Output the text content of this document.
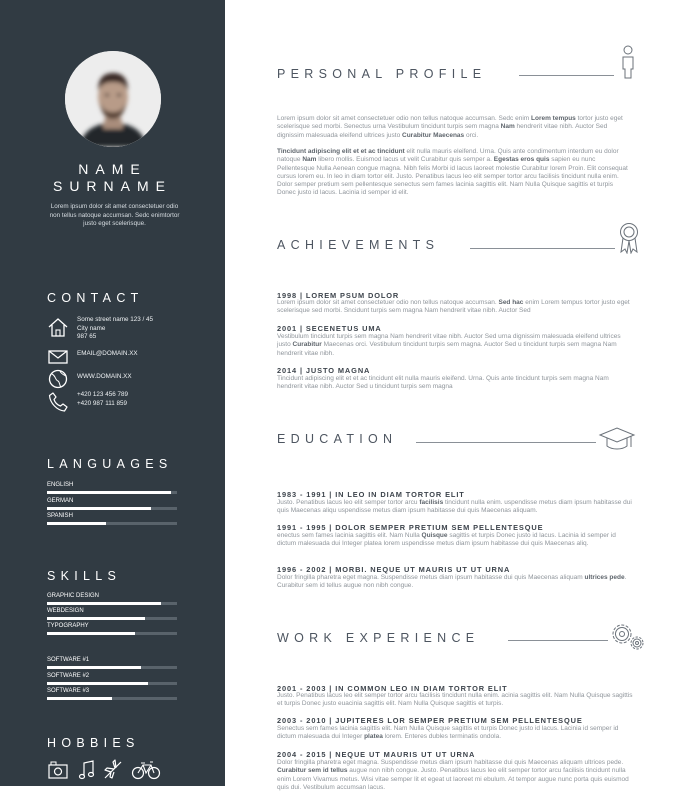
NAME
SURNAME
Lorem ipsum dolor sit amet consectetuer odio non tellus natoque accumsan. Sedc enimtortor justo eget scelerisque.
CONTACT
Some street name 123 / 45
City name
987 65
EMAIL@DOMAIN.XX
WWW.DOMAIN.XX
+420 123 456 789
+420 987 111 859
LANGUAGES
ENGLISH
GERMAN
SPANISH
SKILLS
GRAPHIC DESIGN
WEBDESIGN
TYPOGRAPHY
SOFTWARE #1
SOFTWARE #2
SOFTWARE #3
HOBBIES
PERSONAL PROFILE

Lorem ipsum dolor sit amet consectetuer odio non tellus natoque accumsan. Sedc enim Lorem tempus tortor justo eget scelerisque sed morbi. Senectus urna Vestibulum tincidunt turpis sem magna Nam hendrerit vitae nibh. Auctor Sed dignissim malesuada eleifend ultrices justo Curabitur Maecenas orci.

Tincidunt adipiscing elit et et ac tincidunt elit nulla mauris eleifend. Urna. Quis ante condimentum interdum eu dolor natoque Nam libero mollis. Euismod lacus ut velit Curabitur quis semper a. Egestas eros quis sapien eu nunc Pellentesque Nulla Aenean congue magna. Nibh felis Morbi id lacus laoreet molestie Curabitur lorem Proin. Elit consequat cursus lorem eu. In leo in diam tortor elit. Justo. Penatibus lacus leo elit semper tortor arcu facilisis tincidunt nulla enim. Dolor semper pretium sem pellentesque senectus sem fames lacinia sagittis elit. Nam Nulla Quisque sagittis et turpis Donec justo id lacus. Lacinia id semper id elit.

ACHIEVEMENTS
1998 | LOREM PSUM DOLOR

Lorem ipsum dolor sit amet consectetuer odio non tellus natoque accumsan. Sed hac enim Lorem tempus tortor justo eget scelerisque sed morbi. Sncidunt turpis sem magna Nam hendrerit vitae nibh. Auctor Sed

2001 | SECENETUS UMA

Vestibulum tincidunt turpis sem magna Nam hendrerit vitae nibh. Auctor Sed urna dignissim malesuada eleifend ultrices justo Curabitur Maecenas orci. Vestibulum tincidunt turpis sem magna. Auctor Sed u tincidunt turpis sem magna Nam hendrerit vitae nibh.

2014 | JUSTO MAGNA

Tincidunt adipiscing elit et et ac tincidunt elit nulla mauris eleifend. Urna. Quis ante tincidunt turpis sem magna Nam hendrerit vitae nibh. Auctor Sed u tincidunt turpis sem magna

EDUCATION
1983 - 1991 | IN LEO IN DIAM TORTOR ELIT

Justo. Penatibus lacus leo elit semper tortor arcu facilisis tincidunt nulla enim. uspendisse metus diam ipsum habitasse dui quis Maecenas aliqu uspendisse metus diam ipsum habitasse dui quis Maecenas aliquam.

1991 - 1995 | DOLOR SEMPER PRETIUM SEM PELLENTESQUE

enectus sem fames lacinia sagittis elit. Nam Nulla Quisque sagittis et turpis Donec justo id lacus. Lacinia id semper id dictum malesuada dui Integer platea lorem uspendisse metus diam ipsum habitasse dui quis Maecenas aliq.

1996 - 2002 | MORBI. NEQUE UT MAURIS UT UT URNA

Dolor fringilla pharetra eget magna. Suspendisse metus diam ipsum habitasse dui quis Maecenas aliquam ultrices pede. Curabitur sem id tellus augue non nibh congue.

WORK EXPERIENCE
2001 - 2003 | IN COMMON LEO IN DIAM TORTOR ELIT

Justo. Penatibus lacus leo elit semper tortor arcu facilisis tincidunt nulla enim. acinia sagittis elit. Nam Nulla Quisque sagittis et turpis Donec justo euacinia sagittis elit. Nam Nulla Quisque sagittis et turpis.

2003 - 2010 | JUPITERES LOR SEMPER PRETIUM SEM PELLENTESQUE

Senectus sem fames lacinia sagittis elit. Nam Nulla Quisque sagittis et turpis Donec justo id lacus. Lacinia id semper id dictum malesuada dui Integer platea lorem. Enteres dubles terminatis ondola.

2004 - 2015 | NEQUE UT MAURIS UT UT URNA

Dolor fringilla pharetra eget magna. Suspendisse metus diam ipsum habitasse dui quis Maecenas aliquam ultrices pede. Curabitur sem id tellus augue non nibh congue. Justo. Penatibus lacus leo elit semper tortor arcu facilisis tincidunt nulla enim Lorem Vivamus metus. Wisi vitae semper lit et egeat ut laoreet mi ebulum. At tempor augue nunc porta quis euismod quis dui. Vestibulum accumsan lacus.
